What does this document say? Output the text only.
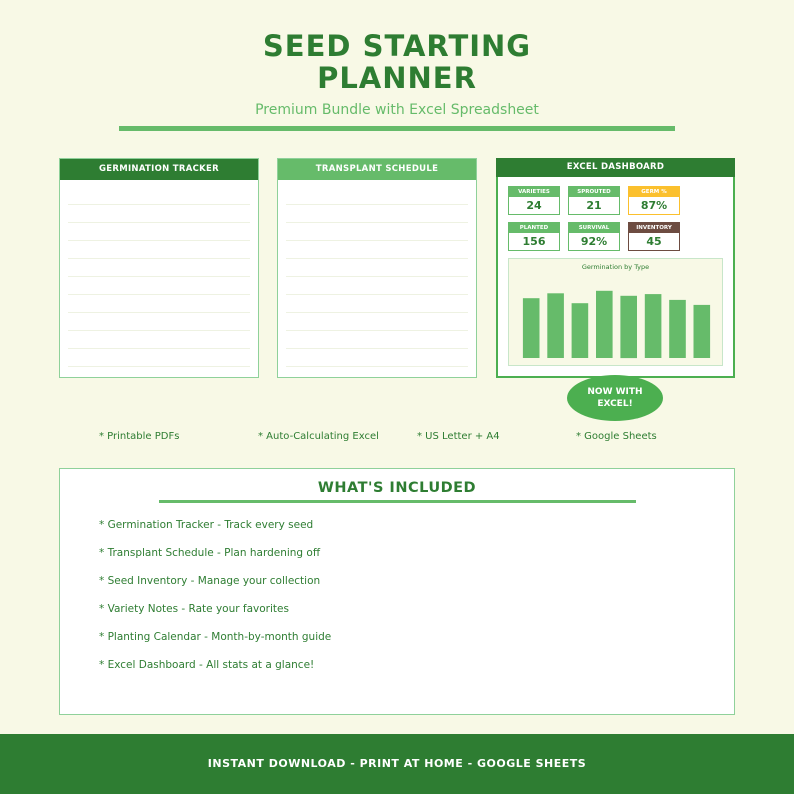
SEED STARTING
PLANNER
Premium Bundle with Excel Spreadsheet
GERMINATION TRACKER	TRANSPLANT SCHEDULE	EXCEL DASHBOARD
VARIETIES
24
SPROUTED
21
GERM %
87%
PLANTED
156
SURVIVAL
92%
INVENTORY
45
Germination by Type
NOW WITH
EXCEL!
* Printable PDFs	* Auto-Calculating Excel	* US Letter + A4	* Google Sheets
WHAT'S INCLUDED
* Germination Tracker - Track every seed
* Transplant Schedule - Plan hardening off
* Seed Inventory - Manage your collection
* Variety Notes - Rate your favorites
* Planting Calendar - Month-by-month guide
* Excel Dashboard - All stats at a glance!
INSTANT DOWNLOAD - PRINT AT HOME - GOOGLE SHEETS
